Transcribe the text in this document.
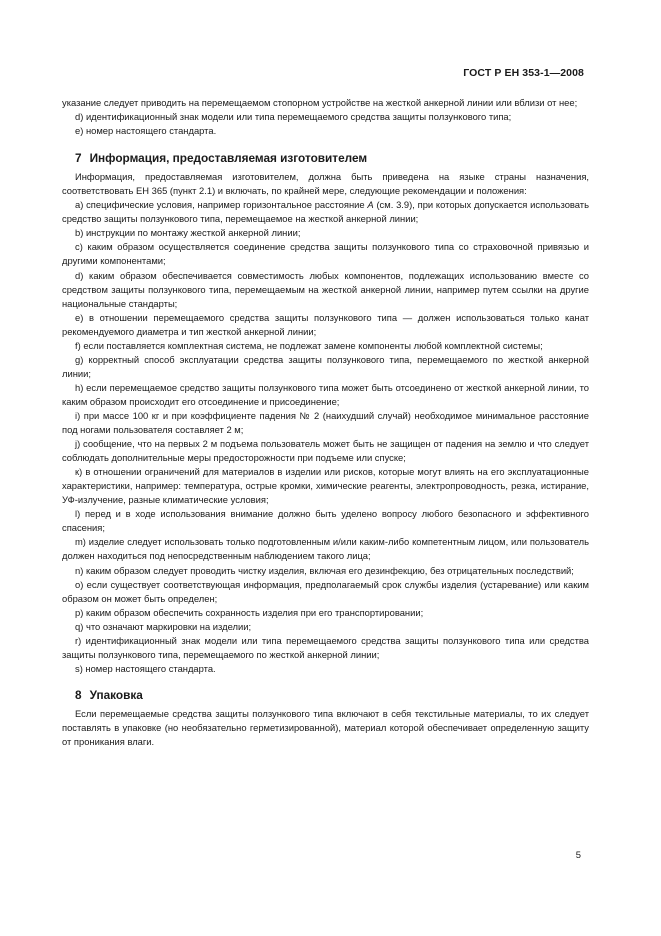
ГОСТ Р ЕН 353-1—2008

указание следует приводить на перемещаемом стопорном устройстве на жесткой анкерной линии или вблизи от нее;

d) идентификационный знак модели или типа перемещаемого средства защиты ползункового типа;

e) номер настоящего стандарта.

7 Информация, предоставляемая изготовителем

Информация, предоставляемая изготовителем, должна быть приведена на языке страны назначения, соответствовать ЕН 365 (пункт 2.1) и включать, по крайней мере, следующие рекомендации и положения:

a) специфические условия, например горизонтальное расстояние A (см. 3.9), при которых допускается использовать средство защиты ползункового типа, перемещаемое на жесткой анкерной линии;

b) инструкции по монтажу жесткой анкерной линии;

c) каким образом осуществляется соединение средства защиты ползункового типа со страховочной привязью и другими компонентами;

d) каким образом обеспечивается совместимость любых компонентов, подлежащих использованию вместе со средством защиты ползункового типа, перемещаемым на жесткой анкерной линии, например путем ссылки на другие национальные стандарты;

e) в отношении перемещаемого средства защиты ползункового типа — должен использоваться только канат рекомендуемого диаметра и тип жесткой анкерной линии;

f) если поставляется комплектная система, не подлежат замене компоненты любой комплектной системы;

g) корректный способ эксплуатации средства защиты ползункового типа, перемещаемого по жесткой анкерной линии;

h) если перемещаемое средство защиты ползункового типа может быть отсоединено от жесткой анкерной линии, то каким образом происходит его отсоединение и присоединение;

i) при массе 100 кг и при коэффициенте падения № 2 (наихудший случай) необходимое минимальное расстояние под ногами пользователя составляет 2 м;

j) сообщение, что на первых 2 м подъема пользователь может быть не защищен от падения на землю и что следует соблюдать дополнительные меры предосторожности при подъеме или спуске;

к) в отношении ограничений для материалов в изделии или рисков, которые могут влиять на его эксплуатационные характеристики, например: температура, острые кромки, химические реагенты, электропроводность, резка, истирание, УФ-излучение, разные климатические условия;

l) перед и в ходе использования внимание должно быть уделено вопросу любого безопасного и эффективного спасения;

m) изделие следует использовать только подготовленным и/или каким-либо компетентным лицом, или пользователь должен находиться под непосредственным наблюдением такого лица;

n) каким образом следует проводить чистку изделия, включая его дезинфекцию, без отрицательных последствий;

o) если существует соответствующая информация, предполагаемый срок службы изделия (устаревание) или каким образом он может быть определен;

p) каким образом обеспечить сохранность изделия при его транспортировании;

q) что означают маркировки на изделии;

r) идентификационный знак модели или типа перемещаемого средства защиты ползункового типа или средства защиты ползункового типа, перемещаемого по жесткой анкерной линии;

s) номер настоящего стандарта.

8 Упаковка

Если перемещаемые средства защиты ползункового типа включают в себя текстильные материалы, то их следует поставлять в упаковке (но необязательно герметизированной), материал которой обеспечивает определенную защиту от проникания влаги.

5
